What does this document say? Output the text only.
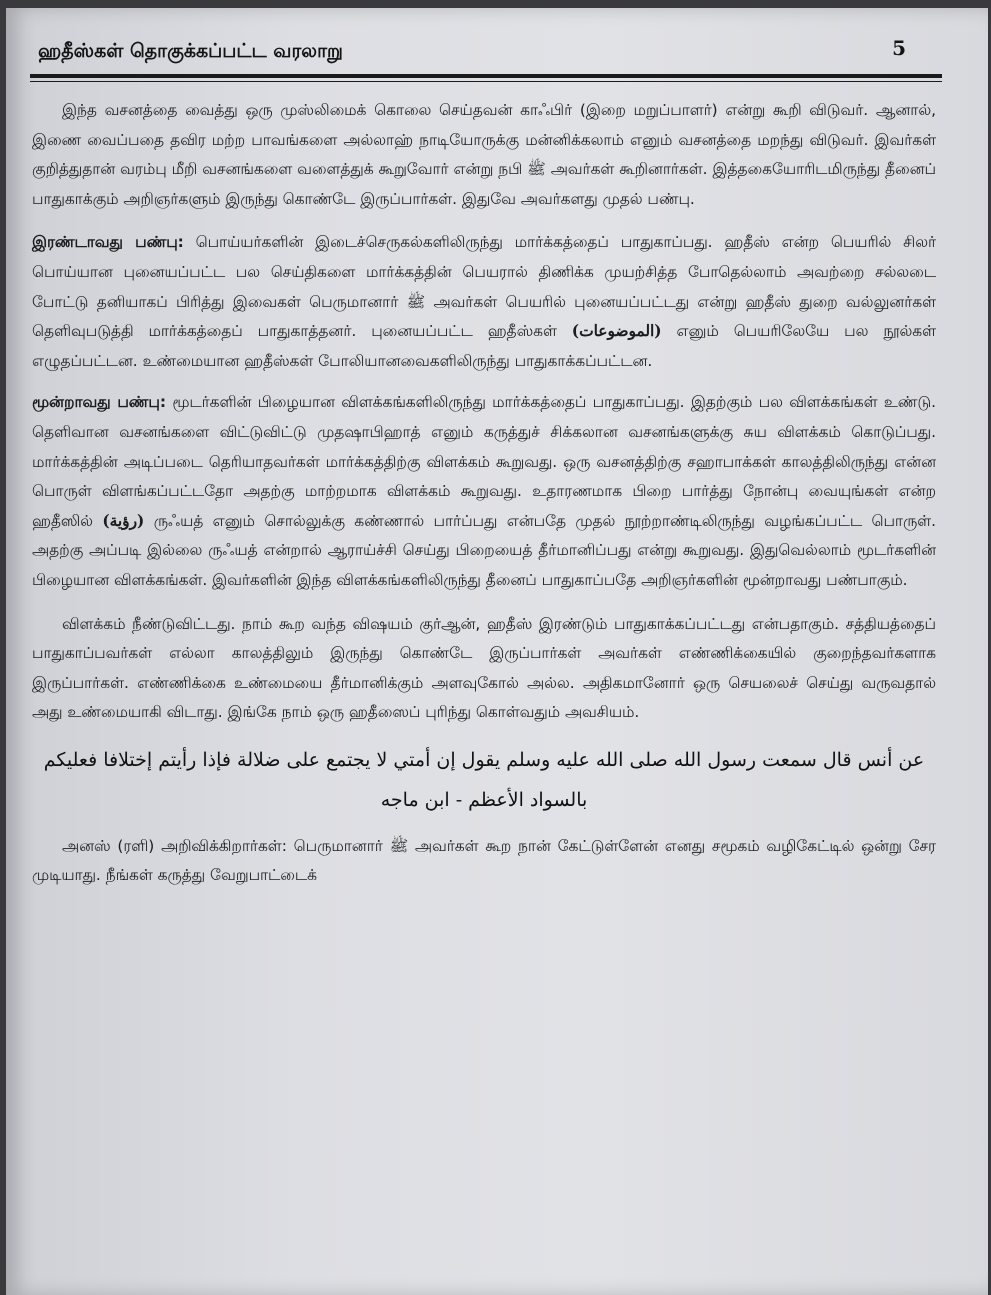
ஹதீஸ்கள் தொகுக்கப்பட்ட வரலாறு	5

இந்த வசனத்தை வைத்து ஒரு முஸ்லிமைக் கொலை செய்தவன் காஃபிர் (இறை மறுப்பாளர்) என்று கூறி விடுவர். ஆனால், இணை வைப்பதை தவிர மற்ற பாவங்களை அல்லாஹ் நாடியோருக்கு மன்னிக்கலாம் எனும் வசனத்தை மறந்து விடுவர். இவர்கள் குறித்துதான் வரம்பு மீறி வசனங்களை வளைத்துக் கூறுவோர் என்று நபி ﷺ அவர்கள் கூறினார்கள். இத்தகையோரிடமிருந்து தீனைப் பாதுகாக்கும் அறிஞர்களும் இருந்து கொண்டே இருப்பார்கள். இதுவே அவர்களது முதல் பண்பு.

இரண்டாவது பண்பு: பொய்யர்களின் இடைச்செருகல்களிலிருந்து மார்க்கத்தைப் பாதுகாப்பது. ஹதீஸ் என்ற பெயரில் சிலர் பொய்யான புனையப்பட்ட பல செய்திகளை மார்க்கத்தின் பெயரால் திணிக்க முயற்சித்த போதெல்லாம் அவற்றை சல்லடை போட்டு தனியாகப் பிரித்து இவைகள் பெருமானார் ﷺ அவர்கள் பெயரில் புனையப்பட்டது என்று ஹதீஸ் துறை வல்லுனர்கள் தெளிவுபடுத்தி மார்க்கத்தைப் பாதுகாத்தனர். புனையப்பட்ட ஹதீஸ்கள் (الموضوعات) எனும் பெயரிலேயே பல நூல்கள் எழுதப்பட்டன. உண்மையான ஹதீஸ்கள் போலியானவைகளிலிருந்து பாதுகாக்கப்பட்டன.

மூன்றாவது பண்பு: மூடர்களின் பிழையான விளக்கங்களிலிருந்து மார்க்கத்தைப் பாதுகாப்பது. இதற்கும் பல விளக்கங்கள் உண்டு. தெளிவான வசனங்களை விட்டுவிட்டு முதஷாபிஹாத் எனும் கருத்துச் சிக்கலான வசனங்களுக்கு சுய விளக்கம் கொடுப்பது. மார்க்கத்தின் அடிப்படை தெரியாதவர்கள் மார்க்கத்திற்கு விளக்கம் கூறுவது. ஒரு வசனத்திற்கு சஹாபாக்கள் காலத்திலிருந்து என்ன பொருள் விளங்கப்பட்டதோ அதற்கு மாற்றமாக விளக்கம் கூறுவது. உதாரணமாக பிறை பார்த்து நோன்பு வையுங்கள் என்ற ஹதீஸில் (رؤية) ருஃயத் எனும் சொல்லுக்கு கண்ணால் பார்ப்பது என்பதே முதல் நூற்றாண்டிலிருந்து வழங்கப்பட்ட பொருள். அதற்கு அப்படி இல்லை ருஃயத் என்றால் ஆராய்ச்சி செய்து பிறையைத் தீர்மானிப்பது என்று கூறுவது. இதுவெல்லாம் மூடர்களின் பிழையான விளக்கங்கள். இவர்களின் இந்த விளக்கங்களிலிருந்து தீனைப் பாதுகாப்பதே அறிஞர்களின் மூன்றாவது பண்பாகும்.

விளக்கம் நீண்டுவிட்டது. நாம் கூற வந்த விஷயம் குர்ஆன், ஹதீஸ் இரண்டும் பாதுகாக்கப்பட்டது என்பதாகும். சத்தியத்தைப் பாதுகாப்பவர்கள் எல்லா காலத்திலும் இருந்து கொண்டே இருப்பார்கள் அவர்கள் எண்ணிக்கையில் குறைந்தவர்களாக இருப்பார்கள். எண்ணிக்கை உண்மையை தீர்மானிக்கும் அளவுகோல் அல்ல. அதிகமானோர் ஒரு செயலைச் செய்து வருவதால் அது உண்மையாகி விடாது. இங்கே நாம் ஒரு ஹதீஸைப் புரிந்து கொள்வதும் அவசியம்.

عن أنس قال سمعت رسول الله صلى الله عليه وسلم يقول إن أمتي لا يجتمع على ضلالة فإذا رأيتم إختلافا فعليكم بالسواد الأعظم - ابن ماجه

அனஸ் (ரளி) அறிவிக்கிறார்கள்: பெருமானார் ﷺ அவர்கள் கூற நான் கேட்டுள்ளேன் எனது சமூகம் வழிகேட்டில் ஒன்று சேர முடியாது. நீங்கள் கருத்து வேறுபாட்டைக்
